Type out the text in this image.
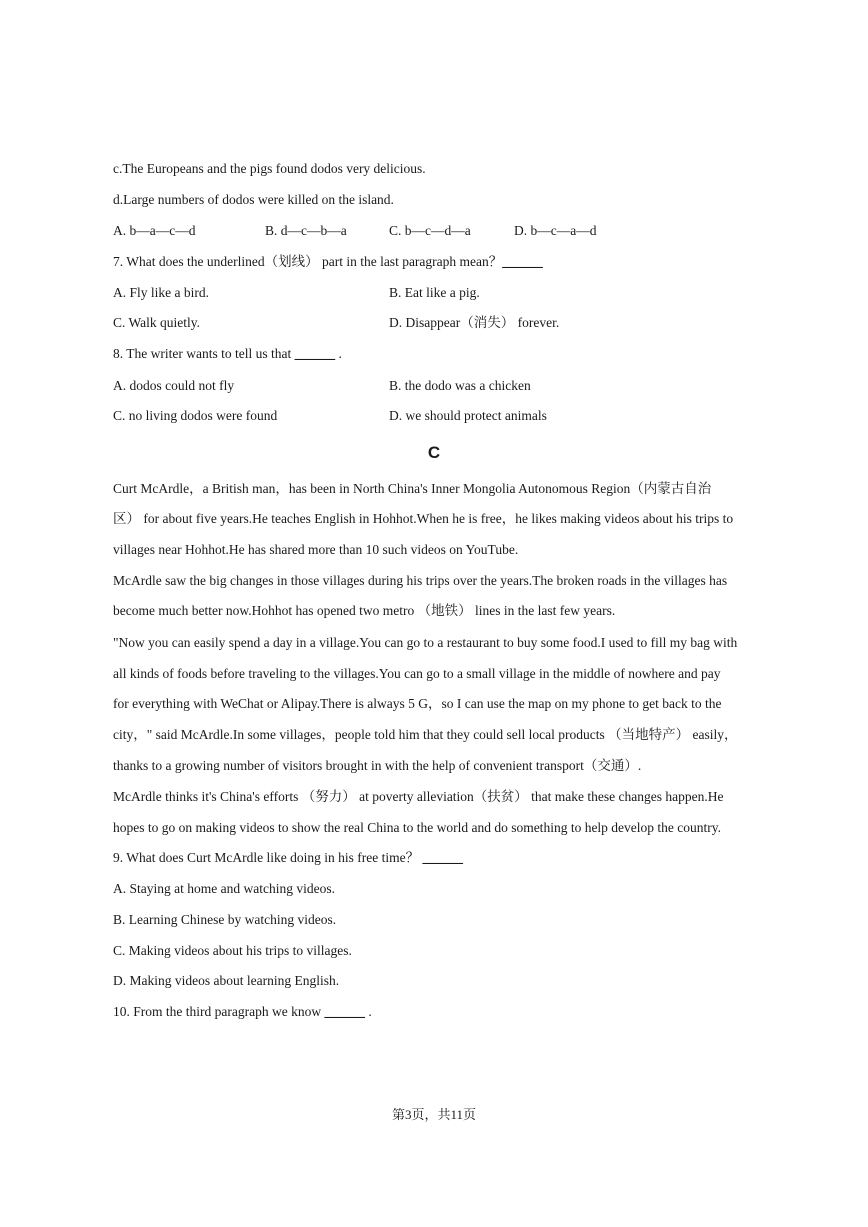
c.The Europeans and the pigs found dodos very delicious.
d.Large numbers of dodos were killed on the island.
A. b—a—c—d	B. d—c—b—a	C. b—c—d—a	D. b—c—a—d
7. What does the underlined（划线） part in the last paragraph mean？______
A. Fly like a bird.	B. Eat like a pig.
C. Walk quietly.	D. Disappear（消失） forever.
8. The writer wants to tell us that ______ .
A. dodos could not fly	B. the dodo was a chicken
C. no living dodos were found	D. we should protect animals
C
Curt McArdle，a British man，has been in North China's Inner Mongolia Autonomous Region（内蒙古自治
区） for about five years.He teaches English in Hohhot.When he is free，he likes making videos about his trips to
villages near Hohhot.He has shared more than 10 such videos on YouTube.
McArdle saw the big changes in those villages during his trips over the years.The broken roads in the villages has
become much better now.Hohhot has opened two metro （地铁） lines in the last few years.
"Now you can easily spend a day in a village.You can go to a restaurant to buy some food.I used to fill my bag with
all kinds of foods before traveling to the villages.You can go to a small village in the middle of nowhere and pay
for everything with WeChat or Alipay.There is always 5 G，so I can use the map on my phone to get back to the
city，" said McArdle.In some villages，people told him that they could sell local products （当地特产） easily，
thanks to a growing number of visitors brought in with the help of convenient transport（交通）.
McArdle thinks it's China's efforts （努力） at poverty alleviation（扶贫） that make these changes happen.He
hopes to go on making videos to show the real China to the world and do something to help develop the country.
9. What does Curt McArdle like doing in his free time？ ______
A. Staying at home and watching videos.
B. Learning Chinese by watching videos.
C. Making videos about his trips to villages.
D. Making videos about learning English.
10. From the third paragraph we know ______ .
第3页，共11页
